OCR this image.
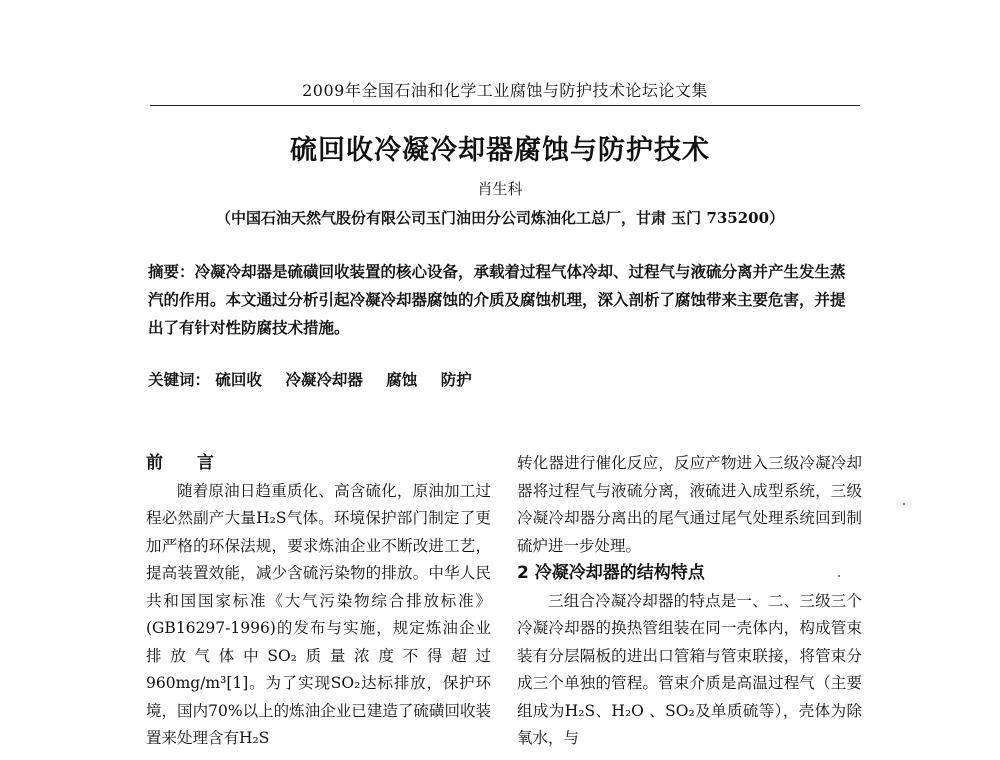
2009年全国石油和化学工业腐蚀与防护技术论坛论文集
硫回收冷凝冷却器腐蚀与防护技术
肖生科
（中国石油天然气股份有限公司玉门油田分公司炼油化工总厂，甘肃 玉门 735200）
摘要：冷凝冷却器是硫磺回收装置的核心设备，承载着过程气体冷却、过程气与液硫分离并产生发生蒸汽的作用。本文通过分析引起冷凝冷却器腐蚀的介质及腐蚀机理，深入剖析了腐蚀带来主要危害，并提出了有针对性防腐技术措施。
关键词： 硫回收 冷凝冷却器 腐蚀 防护
前 言

随着原油日趋重质化、高含硫化，原油加工过程必然副产大量H₂S气体。环境保护部门制定了更加严格的环保法规，要求炼油企业不断改进工艺，提高装置效能，减少含硫污染物的排放。中华人民共和国国家标准《大气污染物综合排放标准》(GB16297-1996)的发布与实施，规定炼油企业排放气体中SO₂质量浓度不得超过960mg/m³[1]。为了实现SO₂达标排放，保护环境，国内70%以上的炼油企业已建造了硫磺回收装置来处理含有H₂S

转化器进行催化反应，反应产物进入三级冷凝冷却器将过程气与液硫分离，液硫进入成型系统，三级冷凝冷却器分离出的尾气通过尾气处理系统回到制硫炉进一步处理。

2 冷凝冷却器的结构特点

三组合冷凝冷却器的特点是一、二、三级三个冷凝冷却器的换热管组装在同一壳体内，构成管束装有分层隔板的进出口管箱与管束联接，将管束分成三个单独的管程。管束介质是高温过程气（主要组成为H₂S、H₂O 、SO₂及单质硫等），壳体为除氧水，与
